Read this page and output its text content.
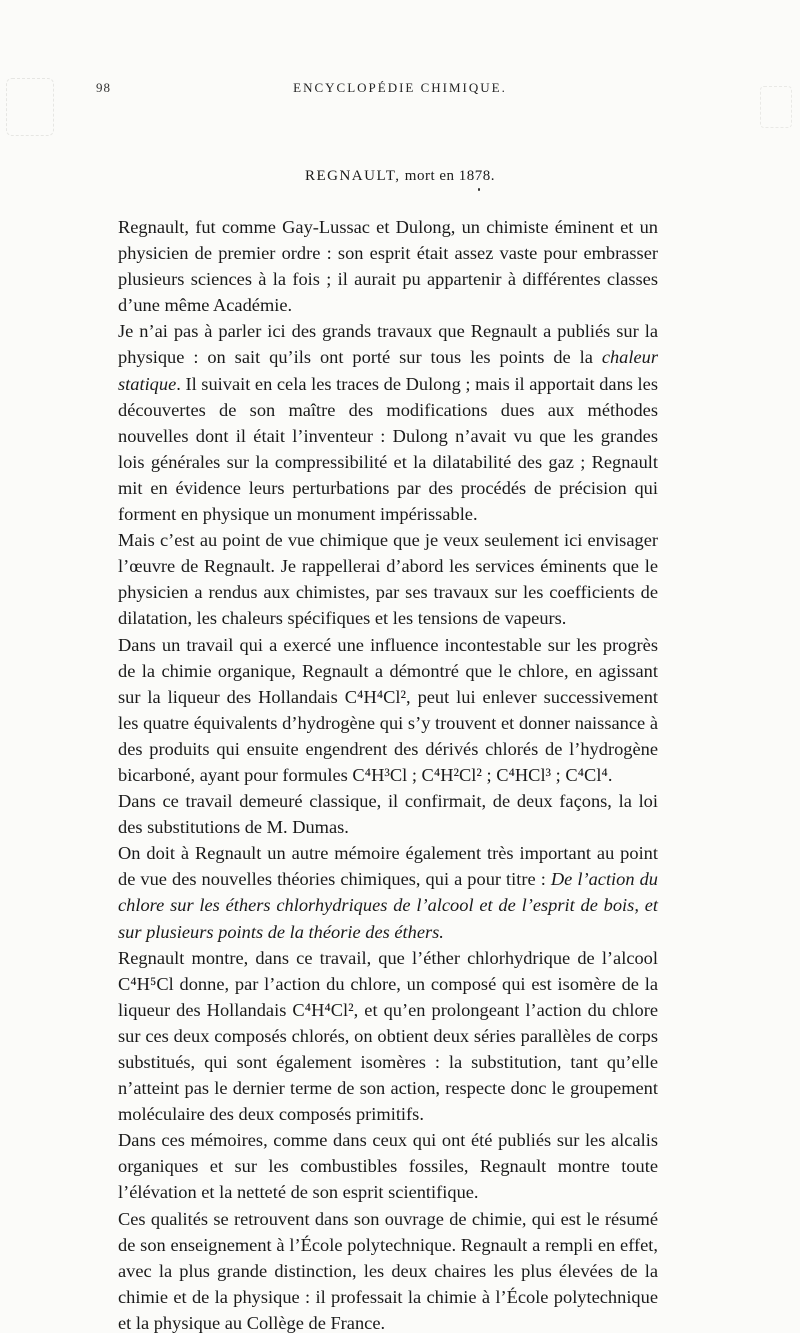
98	ENCYCLOPÉDIE CHIMIQUE.
REGNAULT, mort en 1878.

Regnault, fut comme Gay-Lussac et Dulong, un chimiste éminent et un physicien de premier ordre : son esprit était assez vaste pour embrasser plusieurs sciences à la fois ; il aurait pu appartenir à différentes classes d’une même Académie.

Je n’ai pas à parler ici des grands travaux que Regnault a publiés sur la physique : on sait qu’ils ont porté sur tous les points de la chaleur statique. Il suivait en cela les traces de Dulong ; mais il apportait dans les découvertes de son maître des modifications dues aux méthodes nouvelles dont il était l’inventeur : Dulong n’avait vu que les grandes lois générales sur la compressibilité et la dilatabilité des gaz ; Regnault mit en évidence leurs perturbations par des procédés de précision qui forment en physique un monument impérissable.

Mais c’est au point de vue chimique que je veux seulement ici envisager l’œuvre de Regnault. Je rappellerai d’abord les services éminents que le physicien a rendus aux chimistes, par ses travaux sur les coefficients de dilatation, les chaleurs spécifiques et les tensions de vapeurs.

Dans un travail qui a exercé une influence incontestable sur les progrès de la chimie organique, Regnault a démontré que le chlore, en agissant sur la liqueur des Hollandais C⁴H⁴Cl², peut lui enlever successivement les quatre équivalents d’hydrogène qui s’y trouvent et donner naissance à des produits qui ensuite engendrent des dérivés chlorés de l’hydrogène bicarboné, ayant pour formules C⁴H³Cl ; C⁴H²Cl² ; C⁴HCl³ ; C⁴Cl⁴.

Dans ce travail demeuré classique, il confirmait, de deux façons, la loi des substitutions de M. Dumas.

On doit à Regnault un autre mémoire également très important au point de vue des nouvelles théories chimiques, qui a pour titre : De l’action du chlore sur les éthers chlorhydriques de l’alcool et de l’esprit de bois, et sur plusieurs points de la théorie des éthers.

Regnault montre, dans ce travail, que l’éther chlorhydrique de l’alcool C⁴H⁵Cl donne, par l’action du chlore, un composé qui est isomère de la liqueur des Hollandais C⁴H⁴Cl², et qu’en prolongeant l’action du chlore sur ces deux composés chlorés, on obtient deux séries parallèles de corps substitués, qui sont également isomères : la substitution, tant qu’elle n’atteint pas le dernier terme de son action, respecte donc le groupement moléculaire des deux composés primitifs.

Dans ces mémoires, comme dans ceux qui ont été publiés sur les alcalis organiques et sur les combustibles fossiles, Regnault montre toute l’élévation et la netteté de son esprit scientifique.

Ces qualités se retrouvent dans son ouvrage de chimie, qui est le résumé de son enseignement à l’École polytechnique. Regnault a rempli en effet, avec la plus grande distinction, les deux chaires les plus élevées de la chimie et de la physique : il professait la chimie à l’École polytechnique et la physique au Collège de France.
